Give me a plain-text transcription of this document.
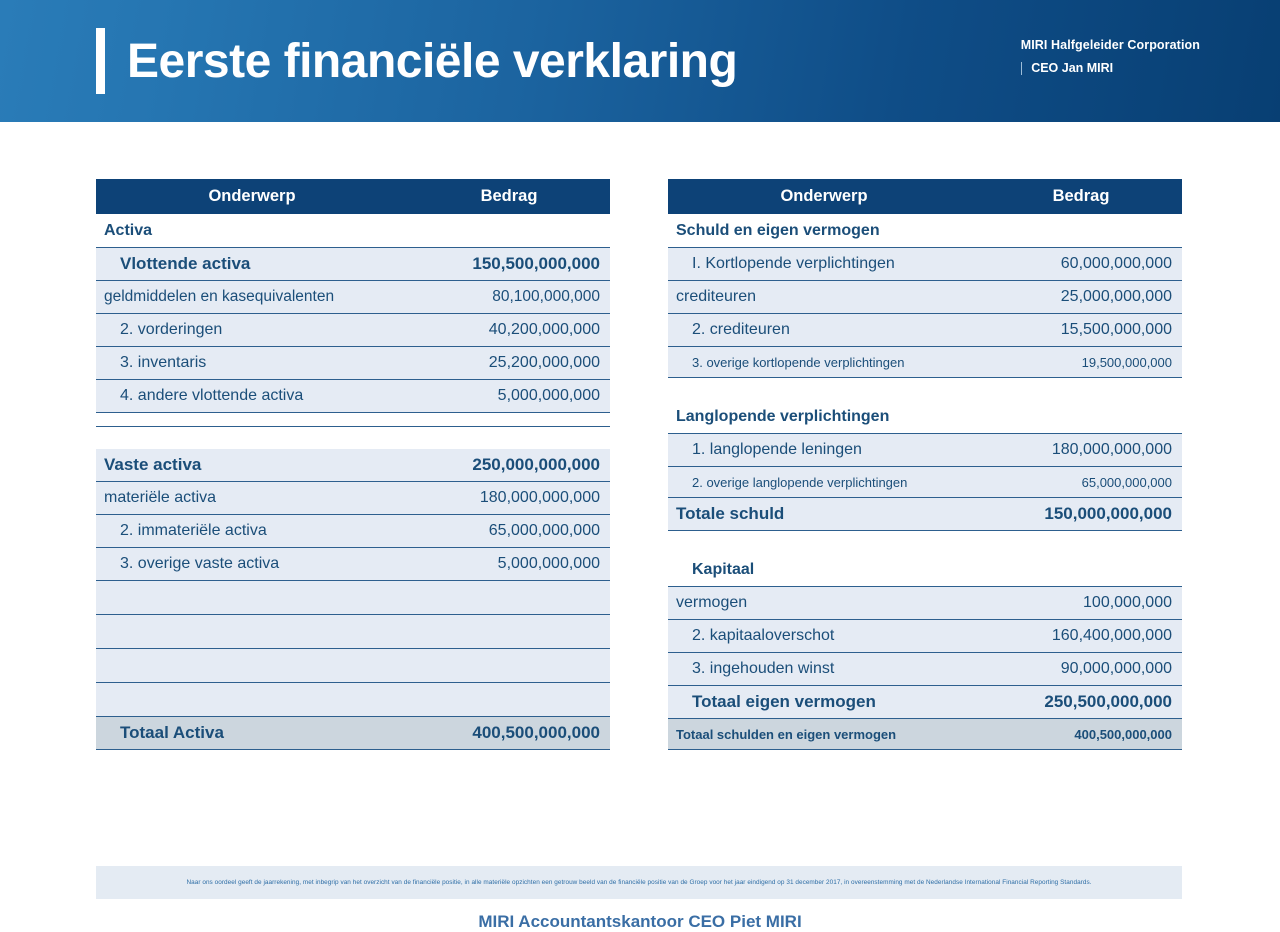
Eerste financiële verklaring	MIRI Halfgeleider Corporation
CEO Jan MIRI
Onderwerp	Bedrag
Activa
Vlottende activa	150,500,000,000
geldmiddelen en kasequivalenten	80,100,000,000
2. vorderingen	40,200,000,000
3. inventaris	25,200,000,000
4. andere vlottende activa	5,000,000,000
Vaste activa	250,000,000,000
materiële activa	180,000,000,000
2. immateriële activa	65,000,000,000
3. overige vaste activa	5,000,000,000
Totaal Activa	400,500,000,000
Onderwerp	Bedrag
Schuld en eigen vermogen
I. Kortlopende verplichtingen	60,000,000,000
crediteuren	25,000,000,000
2. crediteuren	15,500,000,000
3. overige kortlopende verplichtingen	19,500,000,000
Langlopende verplichtingen
1. langlopende leningen	180,000,000,000
2. overige langlopende verplichtingen	65,000,000,000
Totale schuld	150,000,000,000
Kapitaal
vermogen	100,000,000
2. kapitaaloverschot	160,400,000,000
3. ingehouden winst	90,000,000,000
Totaal eigen vermogen	250,500,000,000
Totaal schulden en eigen vermogen	400,500,000,000
Naar ons oordeel geeft de jaarrekening, met inbegrip van het overzicht van de financiële positie, in alle materiële opzichten een getrouw beeld van de financiële positie van de Groep voor het jaar eindigend op 31 december 2017, in overeenstemming met de Nederlandse International Financial Reporting Standards.
MIRI Accountantskantoor CEO Piet MIRI
